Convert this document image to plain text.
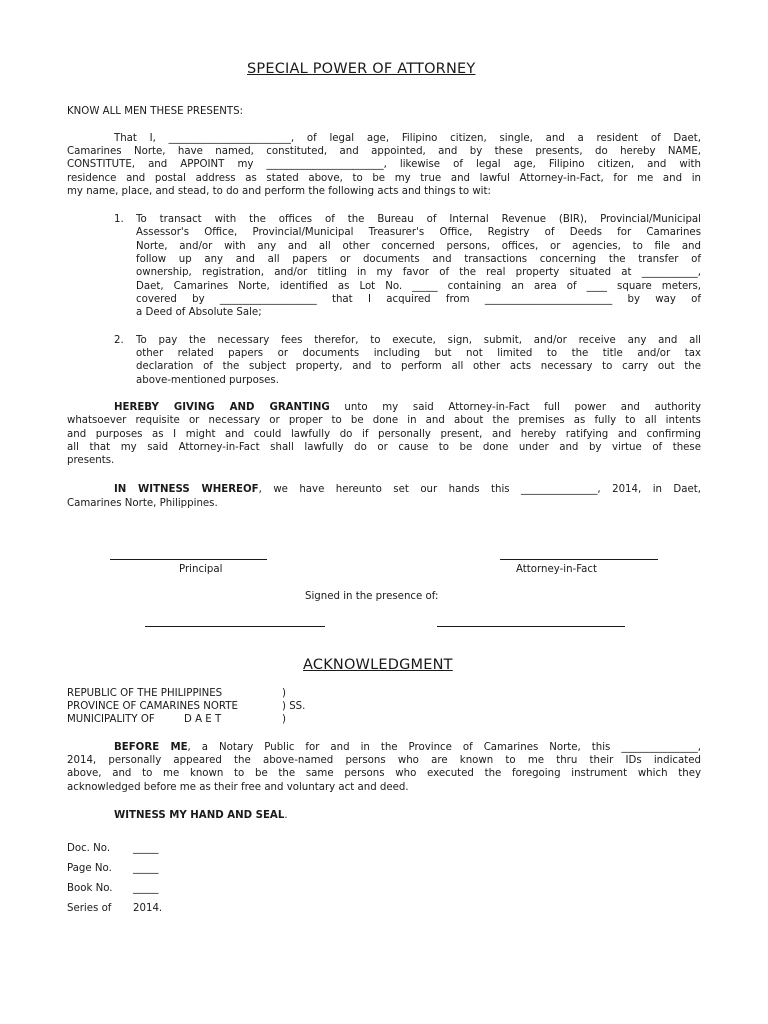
SPECIAL POWER OF ATTORNEY
KNOW ALL MEN THESE PRESENTS:
That I, ________________________, of legal age, Filipino citizen, single, and a resident of Daet,
Camarines Norte, have named, constituted, and appointed, and by these presents, do hereby NAME,
CONSTITUTE, and APPOINT my _______________________, likewise of legal age, Filipino citizen, and with
residence and postal address as stated above, to be my true and lawful Attorney-in-Fact, for me and in
my name, place, and stead, to do and perform the following acts and things to wit:
1. To transact with the offices of the Bureau of Internal Revenue (BIR), Provincial/Municipal
Assessor's Office, Provincial/Municipal Treasurer's Office, Registry of Deeds for Camarines
Norte, and/or with any and all other concerned persons, offices, or agencies, to file and
follow up any and all papers or documents and transactions concerning the transfer of
ownership, registration, and/or titling in my favor of the real property situated at ___________,
Daet, Camarines Norte, identified as Lot No. _____ containing an area of ____ square meters,
covered by ___________________ that I acquired from _________________________ by way of
a Deed of Absolute Sale;
2. To pay the necessary fees therefor, to execute, sign, submit, and/or receive any and all
other related papers or documents including but not limited to the title and/or tax
declaration of the subject property, and to perform all other acts necessary to carry out the
above-mentioned purposes.
HEREBY GIVING AND GRANTING unto my said Attorney-in-Fact full power and authority
whatsoever requisite or necessary or proper to be done in and about the premises as fully to all intents
and purposes as I might and could lawfully do if personally present, and hereby ratifying and confirming
all that my said Attorney-in-Fact shall lawfully do or cause to be done under and by virtue of these
presents.
IN WITNESS WHEREOF, we have hereunto set our hands this _______________, 2014, in Daet,
Camarines Norte, Philippines.
Principal	Attorney-in-Fact
Signed in the presence of:
ACKNOWLEDGMENT
REPUBLIC OF THE PHILIPPINES	)
PROVINCE OF CAMARINES NORTE	) SS.
MUNICIPALITY OF	D A E T	)
BEFORE ME, a Notary Public for and in the Province of Camarines Norte, this _______________,
2014, personally appeared the above-named persons who are known to me thru their IDs indicated
above, and to me known to be the same persons who executed the foregoing instrument which they
acknowledged before me as their free and voluntary act and deed.
WITNESS MY HAND AND SEAL.
Doc. No. _____
Page No. _____
Book No. _____
Series of 2014.
